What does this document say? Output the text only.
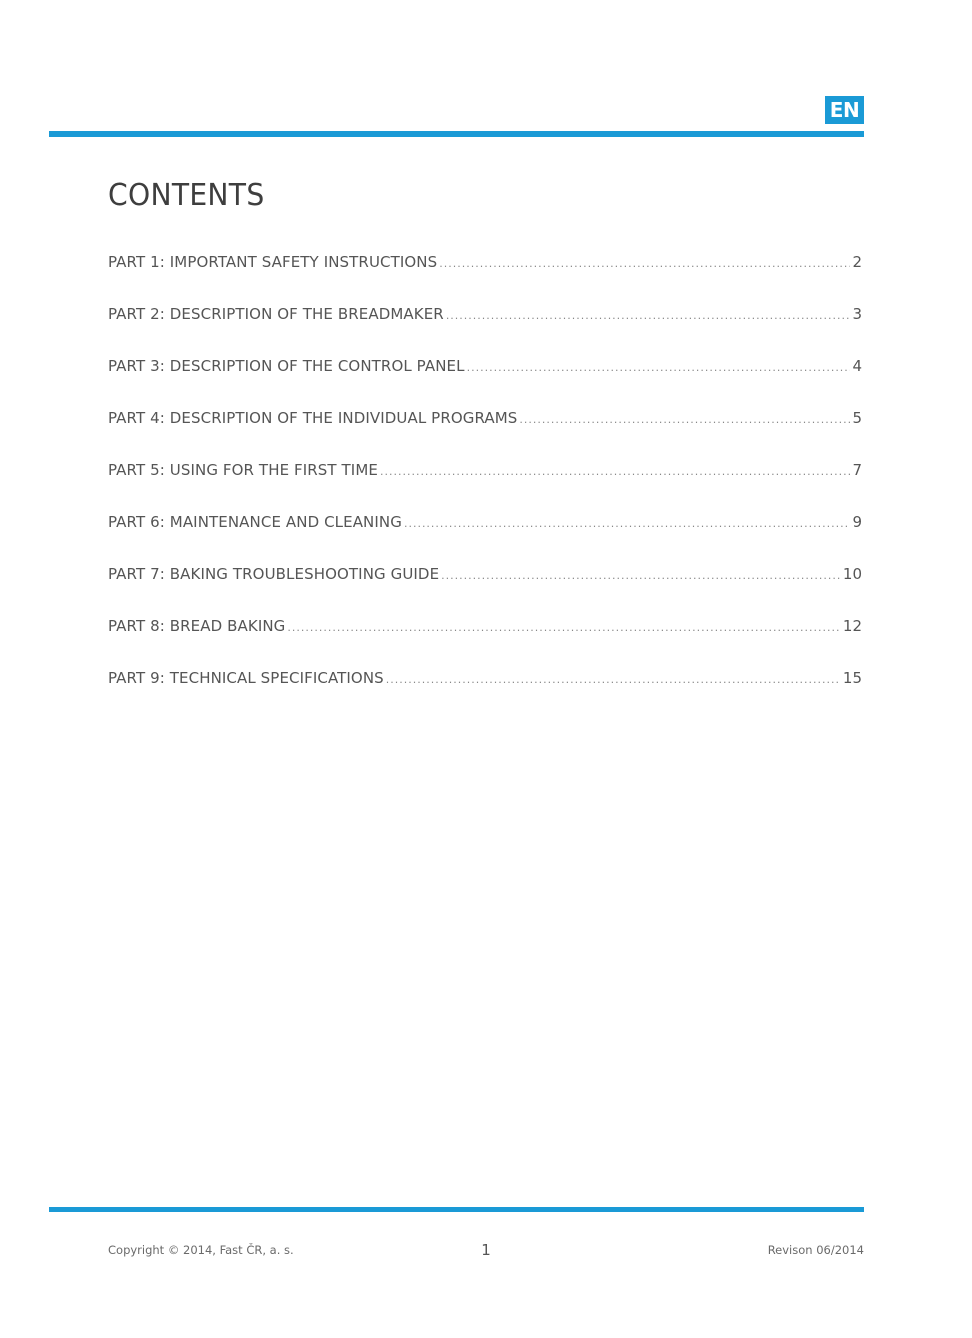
EN
CONTENTS
PART 1: IMPORTANT SAFETY INSTRUCTIONS .....	2
PART 2: DESCRIPTION OF THE BREADMAKER .....	3
PART 3: DESCRIPTION OF THE CONTROL PANEL .....	4
PART 4: DESCRIPTION OF THE INDIVIDUAL PROGRAMS .....	5
PART 5: USING FOR THE FIRST TIME .....	7
PART 6: MAINTENANCE AND CLEANING .....	9
PART 7: BAKING TROUBLESHOOTING GUIDE .....	10
PART 8: BREAD BAKING .....	12
PART 9: TECHNICAL SPECIFICATIONS .....	15
Copyright © 2014, Fast ČR, a. s.	1	Revison 06/2014
